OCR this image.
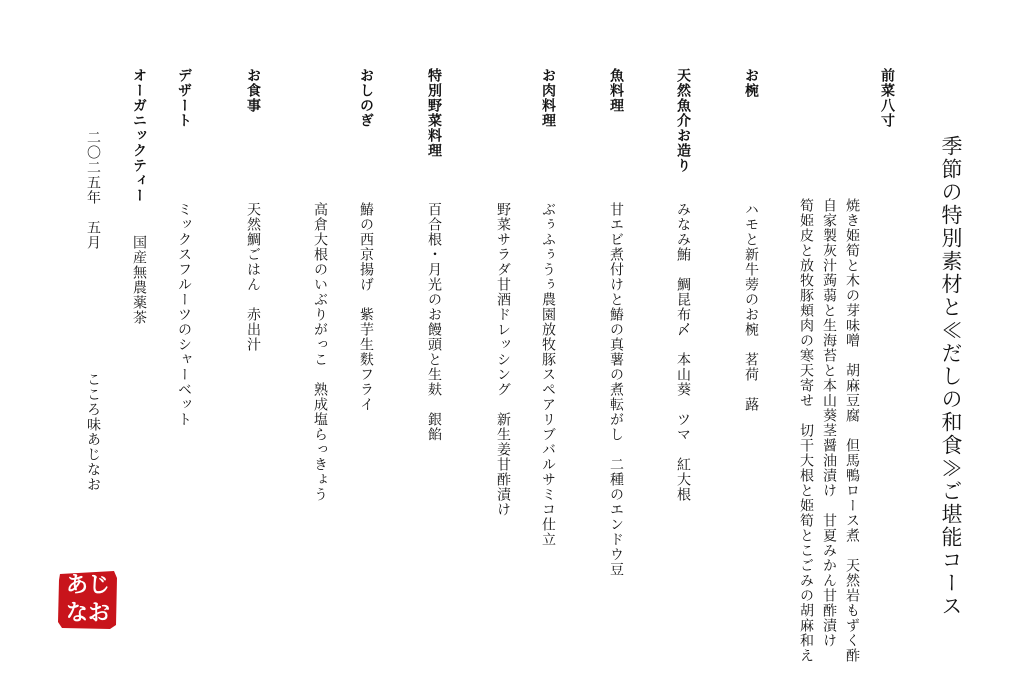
季節の特別素材と≪だしの和食≫ご堪能コース
前菜八寸
焼き姫筍と木の芽味噌　胡麻豆腐　但馬鴨ロース煮　天然岩もずく酢
自家製灰汁蒟蒻と生海苔と本山葵茎醤油漬け　甘夏みかん甘酢漬け
筍姫皮と放牧豚頬肉の寒天寄せ　切干大根と姫筍とこごみの胡麻和え
お椀
ハモと新牛蒡のお椀　茗荷　蕗
天然魚介お造り
みなみ鮪　鯛昆布〆　本山葵　ツマ　紅大根
魚料理
甘エビ煮付けと鰆の真薯の煮転がし　二種のエンドウ豆
お肉料理
ぶぅふぅうぅ農園放牧豚スペアリブバルサミコ仕立
野菜サラダ甘酒ドレッシング　新生姜甘酢漬け
特別野菜料理
百合根・月光のお饅頭と生麸　銀餡
おしのぎ
鰆の西京揚げ　紫芋生麩フライ
高倉大根のいぶりがっこ　熟成塩らっきょう
お食事
天然鯛ごはん　赤出汁
デザート
ミックスフルーツのシャーベット
オーガニックティー
国産無農薬茶
二〇二五年　五月
こころ味あじなお
あじ
なお
